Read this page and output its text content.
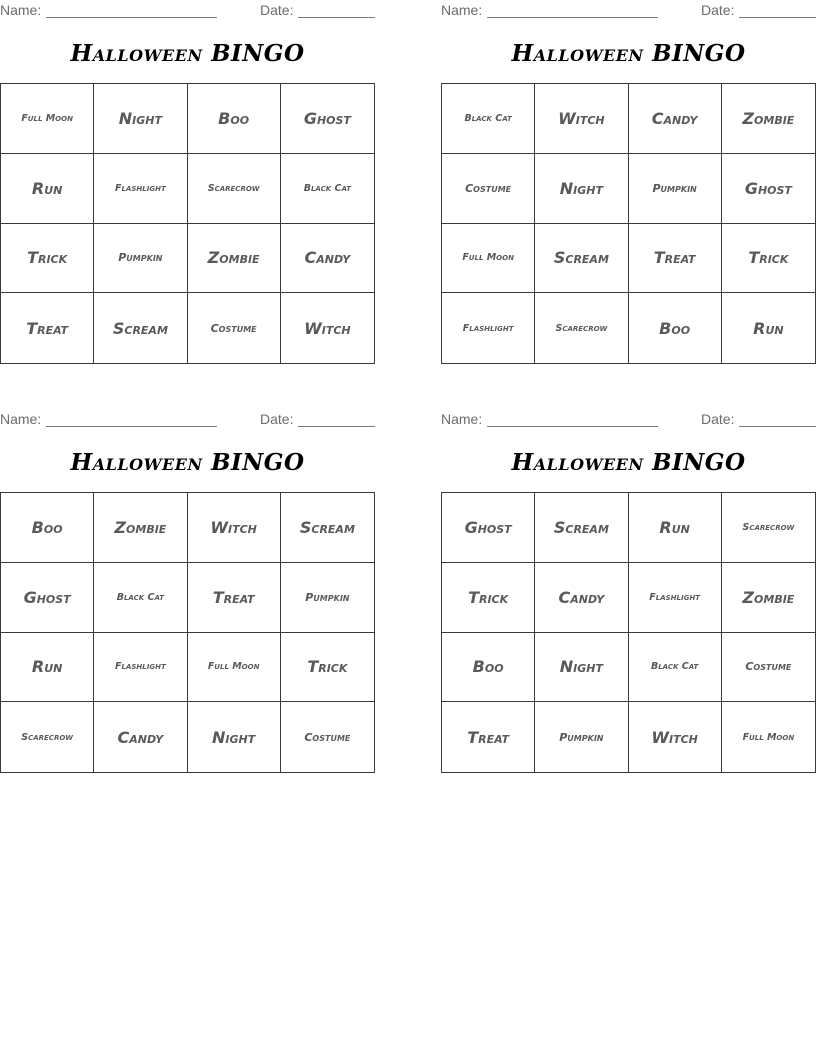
Name:	Date:
Halloween BINGO
Full Moon	Night	Boo	Ghost
Run	Flashlight	Scarecrow	Black Cat
Trick	Pumpkin	Zombie	Candy
Treat	Scream	Costume	Witch
Name:	Date:
Halloween BINGO
Black Cat	Witch	Candy	Zombie
Costume	Night	Pumpkin	Ghost
Full Moon	Scream	Treat	Trick
Flashlight	Scarecrow	Boo	Run
Name:	Date:
Halloween BINGO
Boo	Zombie	Witch	Scream
Ghost	Black Cat	Treat	Pumpkin
Run	Flashlight	Full Moon	Trick
Scarecrow	Candy	Night	Costume
Name:	Date:
Halloween BINGO
Ghost	Scream	Run	Scarecrow
Trick	Candy	Flashlight	Zombie
Boo	Night	Black Cat	Costume
Treat	Pumpkin	Witch	Full Moon
